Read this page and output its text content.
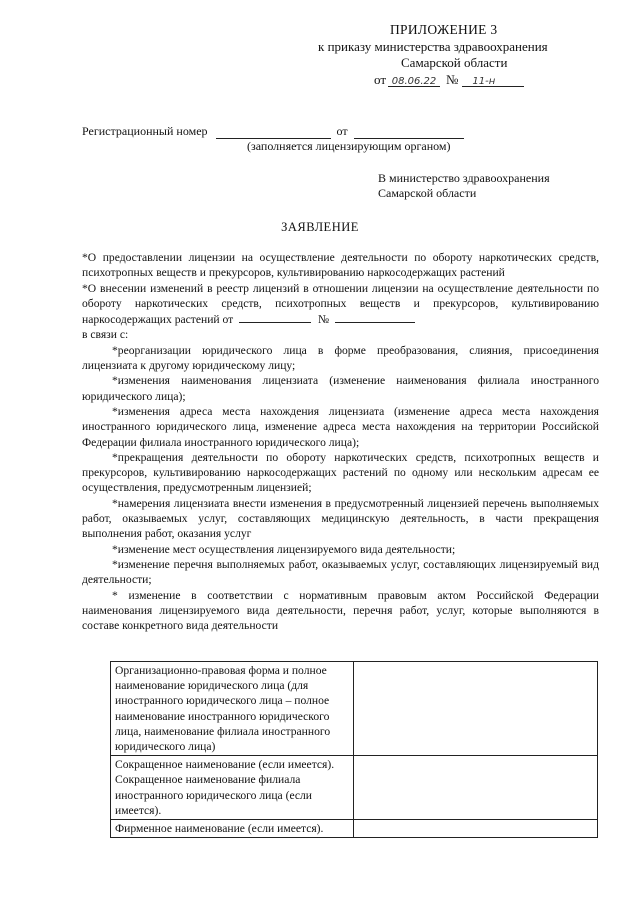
ПРИЛОЖЕНИЕ 3
к приказу министерства здравоохранения
Самарской области
от 08.06.22 №	11-н
Регистрационный номер	от
(заполняется лицензирующим органом)
В министерство здравоохранения
Самарской области
ЗАЯВЛЕНИЕ

*О предоставлении лицензии на осуществление деятельности по обороту наркотических средств, психотропных веществ и прекурсоров, культивированию наркосодержащих растений

*О внесении изменений в реестр лицензий в отношении лицензии на осуществление деятельности по обороту наркотических средств, психотропных веществ и прекурсоров, культивированию наркосодержащих растений от	№

в связи с:

*реорганизации юридического лица в форме преобразования, слияния, присоединения лицензиата к другому юридическому лицу;

*изменения наименования лицензиата (изменение наименования филиала иностранного юридического лица);

*изменения адреса места нахождения лицензиата (изменение адреса места нахождения иностранного юридического лица, изменение адреса места нахождения на территории Российской Федерации филиала иностранного юридического лица);

*прекращения деятельности по обороту наркотических средств, психотропных веществ и прекурсоров, культивированию наркосодержащих растений по одному или нескольким адресам ее осуществления, предусмотренным лицензией;

*намерения лицензиата внести изменения в предусмотренный лицензией перечень выполняемых работ, оказываемых услуг, составляющих медицинскую деятельность, в части прекращения выполнения работ, оказания услуг

*изменение мест осуществления лицензируемого вида деятельности;

*изменение перечня выполняемых работ, оказываемых услуг, составляющих лицензируемый вид деятельности;

* изменение в соответствии с нормативным правовым актом Российской Федерации наименования лицензируемого вида деятельности, перечня работ, услуг, которые выполняются в составе конкретного вида деятельности

Организационно-правовая форма и полное наименование юридического лица (для иностранного юридического лица – полное наименование иностранного юридического лица, наименование филиала иностранного юридического лица)	
Сокращенное наименование (если имеется). Сокращенное наименование филиала иностранного юридического лица (если имеется).	
Фирменное наименование (если имеется).	
